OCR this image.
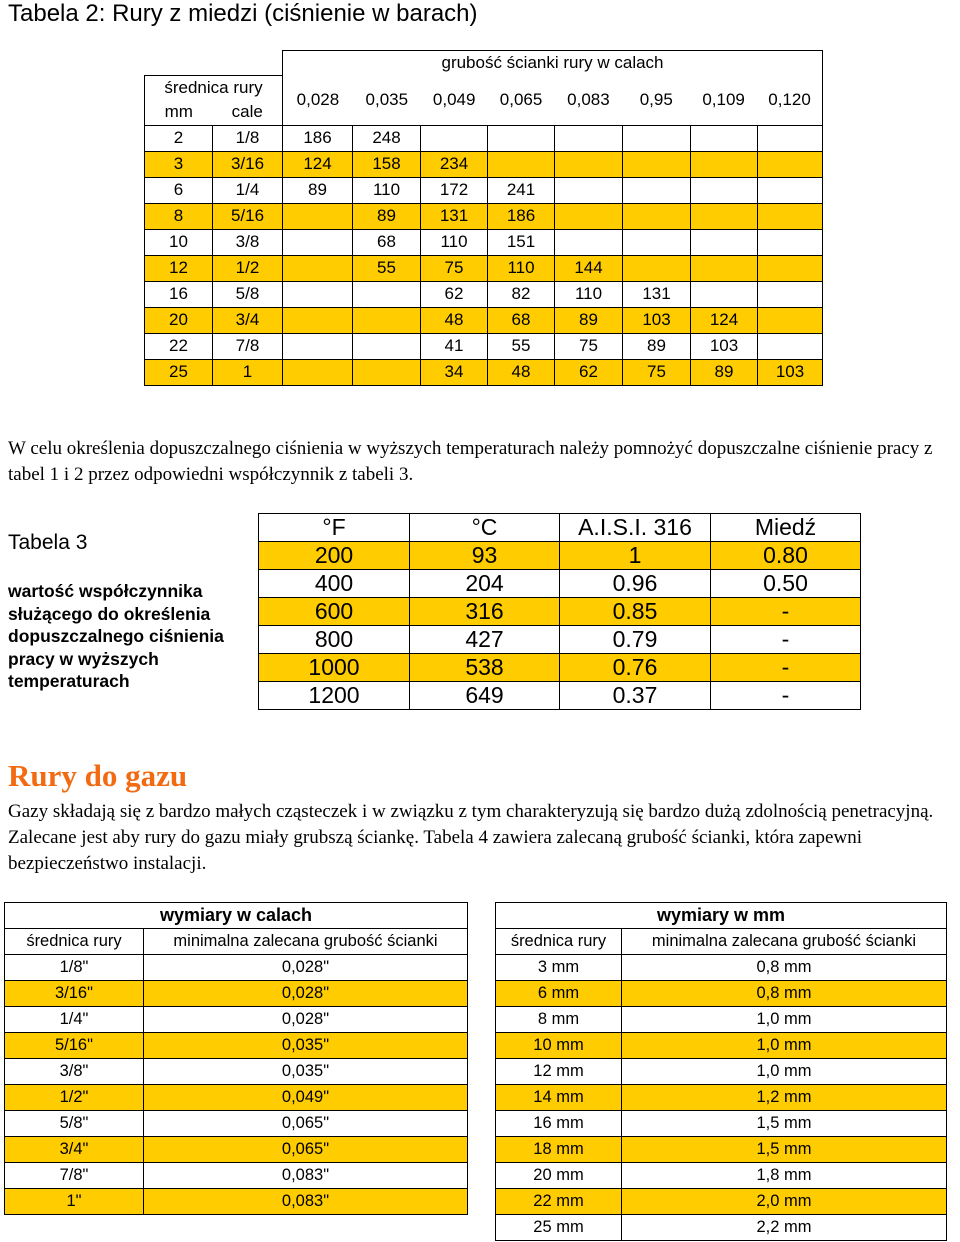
Tabela 2: Rury z miedzi (ciśnienie w barach)
	grubość ścianki rury w calach
średnica rury	
0,028	0,035	0,049	0,065	0,083	0,95	0,109	0,120

mm	cale
2	1/8	186	248						
3	3/16	124	158	234					
6	1/4	89	110	172	241				
8	5/16		89	131	186				
10	3/8		68	110	151				
12	1/2		55	75	110	144			
16	5/8			62	82	110	131		
20	3/4			48	68	89	103	124	
22	7/8			41	55	75	89	103	
25	1			34	48	62	75	89	103
W celu określenia dopuszczalnego ciśnienia w wyższych temperaturach należy pomnożyć dopuszczalne ciśnienie pracy z tabel 1 i 2 przez odpowiedni współczynnik z tabeli 3.
Tabela 3
wartość współczynnika służącego do określenia dopuszczalnego ciśnienia pracy w wyższych temperaturach
°F	°C	A.I.S.I. 316	Miedź
200	93	1	0.80
400	204	0.96	0.50
600	316	0.85	-
800	427	0.79	-
1000	538	0.76	-
1200	649	0.37	-
Rury do gazu
Gazy składają się z bardzo małych cząsteczek i w związku z tym charakteryzują się bardzo dużą zdolnością penetracyjną. Zalecane jest aby rury do gazu miały grubszą ściankę. Tabela 4 zawiera zalecaną grubość ścianki, która zapewni bezpieczeństwo instalacji.
wymiary w calach	
średnica rury	minimalna zalecana grubość ścianki
1/8"	0,028"
3/16"	0,028"
1/4"	0,028"
5/16"	0,035"
3/8"	0,035"
1/2"	0,049"
5/8"	0,065"
3/4"	0,065"
7/8"	0,083"
1"	0,083"
wymiary w mm	
średnica rury	minimalna zalecana grubość ścianki
3 mm	0,8 mm
6 mm	0,8 mm
8 mm	1,0 mm
10 mm	1,0 mm
12 mm	1,0 mm
14 mm	1,2 mm
16 mm	1,5 mm
18 mm	1,5 mm
20 mm	1,8 mm
22 mm	2,0 mm
25 mm	2,2 mm
